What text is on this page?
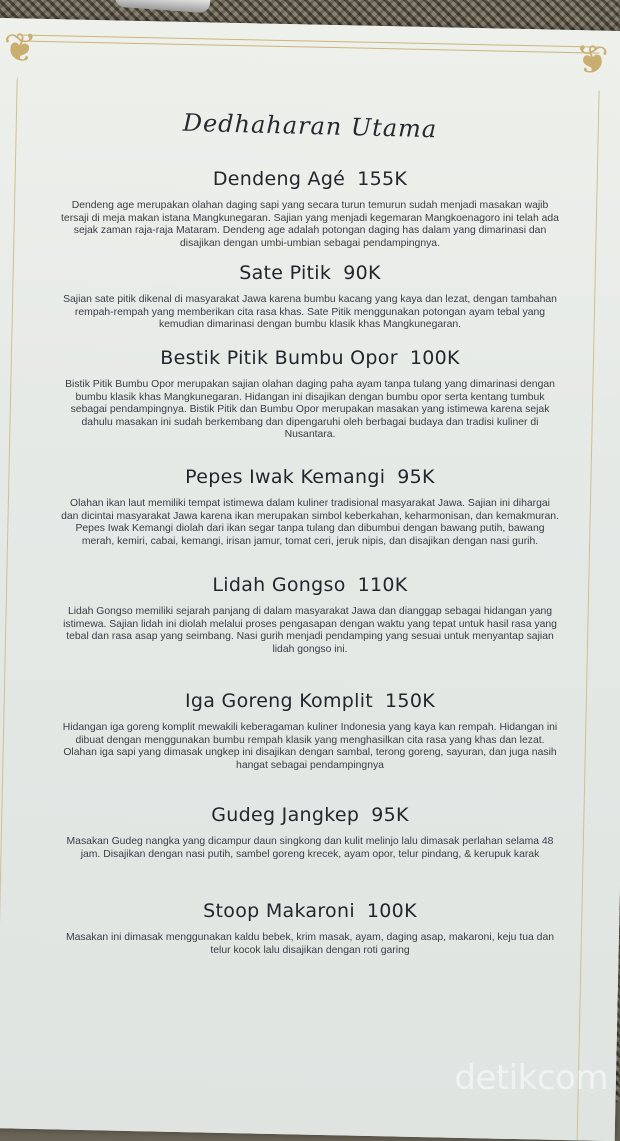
❦	❦
Dedhaharan Utama
Dendeng Agé 155K
Dendeng age merupakan olahan daging sapi yang secara turun temurun sudah menjadi masakan wajib tersaji di meja makan istana Mangkunegaran. Sajian yang menjadi kegemaran Mangkoenagoro ini telah ada sejak zaman raja-raja Mataram. Dendeng age adalah potongan daging has dalam yang dimarinasi dan disajikan dengan umbi-umbian sebagai pendampingnya.
Sate Pitik 90K
Sajian sate pitik dikenal di masyarakat Jawa karena bumbu kacang yang kaya dan lezat, dengan tambahan rempah-rempah yang memberikan cita rasa khas. Sate Pitik menggunakan potongan ayam tebal yang kemudian dimarinasi dengan bumbu klasik khas Mangkunegaran.
Bestik Pitik Bumbu Opor 100K
Bistik Pitik Bumbu Opor merupakan sajian olahan daging paha ayam tanpa tulang yang dimarinasi dengan bumbu klasik khas Mangkunegaran. Hidangan ini disajikan dengan bumbu opor serta kentang tumbuk sebagai pendampingnya. Bistik Pitik dan Bumbu Opor merupakan masakan yang istimewa karena sejak dahulu masakan ini sudah berkembang dan dipengaruhi oleh berbagai budaya dan tradisi kuliner di Nusantara.
Pepes Iwak Kemangi 95K
Olahan ikan laut memiliki tempat istimewa dalam kuliner tradisional masyarakat Jawa. Sajian ini dihargai dan dicintai masyarakat Jawa karena ikan merupakan simbol keberkahan, keharmonisan, dan kemakmuran. Pepes Iwak Kemangi diolah dari ikan segar tanpa tulang dan dibumbui dengan bawang putih, bawang merah, kemiri, cabai, kemangi, irisan jamur, tomat ceri, jeruk nipis, dan disajikan dengan nasi gurih.
Lidah Gongso 110K
Lidah Gongso memiliki sejarah panjang di dalam masyarakat Jawa dan dianggap sebagai hidangan yang istimewa. Sajian lidah ini diolah melalui proses pengasapan dengan waktu yang tepat untuk hasil rasa yang tebal dan rasa asap yang seimbang. Nasi gurih menjadi pendamping yang sesuai untuk menyantap sajian lidah gongso ini.
Iga Goreng Komplit 150K
Hidangan iga goreng komplit mewakili keberagaman kuliner Indonesia yang kaya kan rempah. Hidangan ini dibuat dengan menggunakan bumbu rempah klasik yang menghasilkan cita rasa yang khas dan lezat. Olahan iga sapi yang dimasak ungkep ini disajikan dengan sambal, terong goreng, sayuran, dan juga nasih hangat sebagai pendampingnya
Gudeg Jangkep 95K
Masakan Gudeg nangka yang dicampur daun singkong dan kulit melinjo lalu dimasak perlahan selama 48 jam. Disajikan dengan nasi putih, sambel goreng krecek, ayam opor, telur pindang, & kerupuk karak
Stoop Makaroni 100K
Masakan ini dimasak menggunakan kaldu bebek, krim masak, ayam, daging asap, makaroni, keju tua dan telur kocok lalu disajikan dengan roti garing
detikcom
